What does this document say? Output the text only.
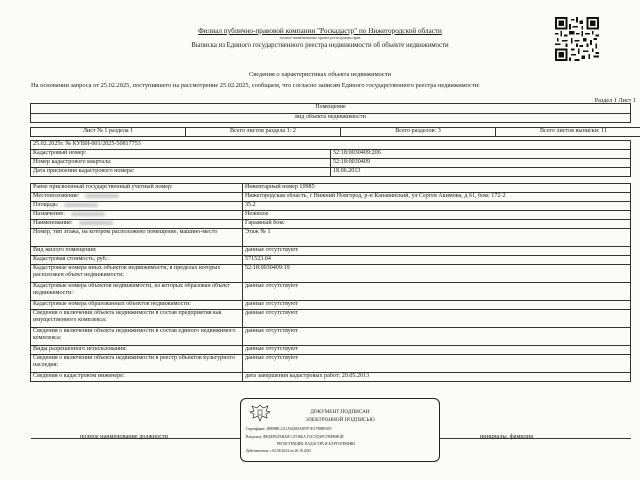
Филиал публично-правовой компании "Роскадастр" по Нижегородской области
полное наименование органа регистрации прав
Выписка из Единого государственного реестра недвижимости об объекте недвижимости
Сведения о характеристиках объекта недвижимости
На основании запроса от 25.02.2025, поступившего на рассмотрение 25.02.2025, сообщаем, что согласно записям Единого государственного реестра недвижимости:
Раздел 1 Лист 1
Помещение
вид объекта недвижимости
Лист № 1 раздела 1	Всего листов раздела 1: 2	Всего разделов: 3	Всего листов выписки: 11
25.02.2025г. № КУВИ-001/2025-50817753	
Кадастровый номер:	52:18:0030409:206
Номер кадастрового квартала:	52:18:0030409
Дата присвоения кадастрового номера:	18.06.2013
Ранее присвоенный государственный учетный номер:	Инвентарный номер 10985
Местоположение:	Нижегородская область, г Нижний Новгород, р-н Канавинский, ул Сергея Акимова, д 61, бокс 172-2
Площадь:	35.2
Назначение:	Нежилое
Наименование:	Гаражный бокс
Номер, тип этажа, на котором расположено помещение, машино-место	Этаж № 1
Вид жилого помещения:	данные отсутствуют
Кадастровая стоимость, руб.:	571523.04
Кадастровые номера иных объектов недвижимости, в пределах которых расположен объект недвижимости:	52:18:0030409:19
Кадастровые номера объектов недвижимости, из которых образован объект недвижимости:	данные отсутствуют
Кадастровые номера образованных объектов недвижимости:	данные отсутствуют
Сведения о включении объекта недвижимости в состав предприятия как имущественного комплекса:	данные отсутствуют
Сведения о включении объекта недвижимости в состав единого недвижимого комплекса:	данные отсутствуют
Виды разрешенного использования:	данные отсутствуют
Сведения о включении объекта недвижимости в реестр объектов культурного наследия:	данные отсутствуют
Сведения о кадастровом инженере:	дата завершения кадастровых работ: 20.05.2013
полное наименование должности	инициалы, фамилия
ДОКУМЕНТ ПОДПИСАН
ЭЛЕКТРОННОЙ ПОДПИСЬЮ
Сертификат: 00898BC2A1A02384A097F1E2798BE9E9
Владелец: ФЕДЕРАЛЬНАЯ СЛУЖБА ГОСУДАРСТВЕННОЙ
РЕГИСТРАЦИИ, КАДАСТРА И КАРТОГРАФИИ
Действителен: с 02.08.2024 по 26.10.2025
